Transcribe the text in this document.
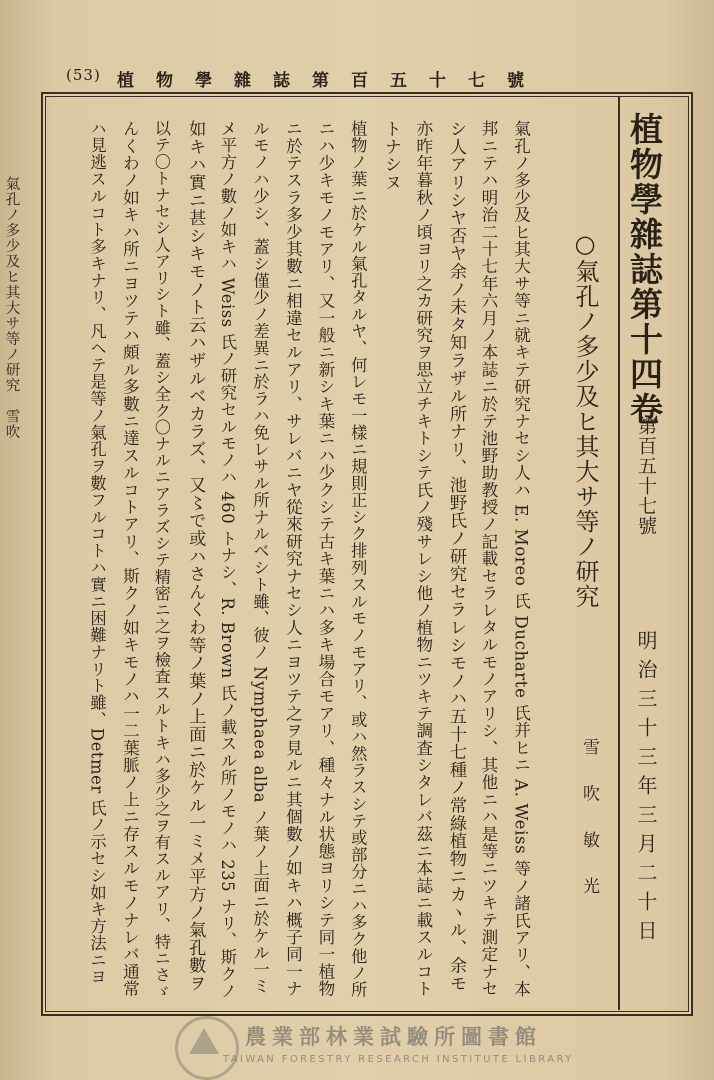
(53) 植物學雜誌第百五十七號
植物學雜誌第十四卷
第百五十七號
明治三十三年三月二十日
○氣孔ノ多少及ヒ其大サ等ノ研究
雪 吹 敏 光
氣孔ノ多少及ヒ其大サ等ニ就キテ研究ナセシ人ハ E. Moreo 氏 Ducharte 氏并ヒニ A. Weiss 等ノ諸氏アリ、本
邦ニテハ明治二十七年六月ノ本誌ニ於テ池野助教授ノ記載セラレタルモノアリシ、其他ニハ是等ニツキテ測定ナセ
シ人アリシヤ否ヤ余ノ未タ知ラザル所ナリ、池野氏ノ研究セラレシモノハ五十七種ノ常綠植物ニカヽル、余モ
亦昨年暮秋ノ頃ヨリ之カ研究ヲ思立チキトシテ氏ノ殘サレシ他ノ植物ニツキテ調査シタレバ茲ニ本誌ニ載スルコト
トナシヌ
植物ノ葉ニ於ケル氣孔タルヤ、何レモ一樣ニ規則正シク排列スルモノモアリ、或ハ然ラスシテ或部分ニハ多ク他ノ所
ニハ少キモノモアリ、又一般ニ新シキ葉ニハ少クシテ古キ葉ニハ多キ場合モアリ、種々ナル状態ヨリシテ同一植物
ニ於テスラ多少其數ニ相違セルアリ、サレバニヤ從來研究ナセシ人ニヨツテ之ヲ見ルニ其個數ノ如キハ概子同一ナ
ルモノハ少シ、蓋シ僅少ノ差異ニ於ラハ免レサル所ナルベシト雖、彼ノ Nymphaea alba ノ葉ノ上面ニ於ケル一ミ
メ平方ノ數ノ如キハ Weiss 氏ノ研究セルモノハ 460 トナシ、R. Brown 氏ノ載スル所ノモノハ 235 ナリ、斯クノ
如キハ實ニ甚シキモノト云ハザルベカラズ、又〻で或ハさんくわ等ノ葉ノ上面ニ於ケル一ミメ平方ノ氣孔數ヲ
以テ〇トナセシ人アリシト雖、蓋シ全ク〇ナルニアラズシテ精密ニ之ヲ檢査スルトキハ多少之ヲ有スルアリ、特ニさゞ
んくわノ如キハ所ニヨツテハ頗ル多數ニ達スルコトアリ、斯クノ如キモノハ一二葉脈ノ上ニ存スルモノナレバ通常
ハ見逃スルコト多キナリ、凡ヘテ是等ノ氣孔ヲ數フルコトハ實ニ困難ナリト雖、Detmer 氏ノ示セシ如キ方法ニヨ
氣孔ノ多少及ヒ其大サ等ノ研究　雪吹
農業部林業試驗所圖書館
TAIWAN FORESTRY RESEARCH INSTITUTE LIBRARY
